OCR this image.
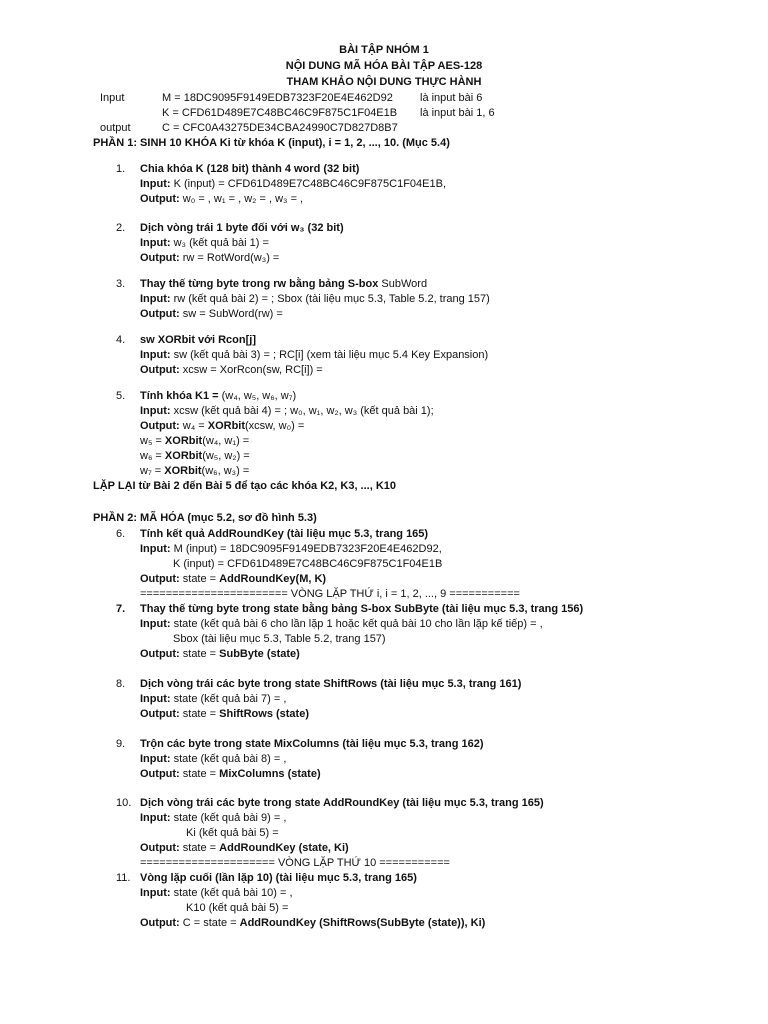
BÀI TẬP NHÓM 1
NỘI DUNG MÃ HÓA BÀI TẬP AES-128
THAM KHẢO NỘI DUNG THỰC HÀNH
Input	M = 18DC9095F9149EDB7323F20E4E462D92 là input bài 6
K = CFD61D489E7C48BC46C9F875C1F04E1B là input bài 1, 6
output	C = CFC0A43275DE34CBA24990C7D827D8B7
PHẦN 1: SINH 10 KHÓA Ki từ khóa K (input), i = 1, 2, ..., 10. (Mục 5.4)
1. Chia khóa K (128 bit) thành 4 word (32 bit)
Input: K (input) = CFD61D489E7C48BC46C9F875C1F04E1B,
Output: w₀ = , w₁ = , w₂ = , w₃ = ,
2. Dịch vòng trái 1 byte đối với w₃ (32 bit)
Input: w₃ (kết quả bài 1) =
Output: rw = RotWord(w₃) =
3. Thay thế từng byte trong rw bằng bảng S-box SubWord
Input: rw (kết quả bài 2) = ; Sbox (tài liệu mục 5.3, Table 5.2, trang 157)
Output: sw = SubWord(rw) =
4. sw XORbit với Rcon[j]
Input: sw (kết quả bài 3) = ; RC[i] (xem tài liệu mục 5.4 Key Expansion)
Output: xcsw = XorRcon(sw, RC[i]) =
5. Tính khóa K1 = (w₄, w₅, w₆, w₇)
Input: xcsw (kết quả bài 4) = ; w₀, w₁, w₂, w₃ (kết quả bài 1);
Output: w₄ = XORbit(xcsw, w₀) =
w₅ = XORbit(w₄, w₁) =
w₆ = XORbit(w₅, w₂) =
w₇ = XORbit(w₆, w₃) =
LẶP LẠI từ Bài 2 đến Bài 5 để tạo các khóa K2, K3, ..., K10
PHẦN 2: MÃ HÓA (mục 5.2, sơ đồ hình 5.3)
6. Tính kết quả AddRoundKey (tài liệu mục 5.3, trang 165)
Input: M (input) = 18DC9095F9149EDB7323F20E4E462D92,
K (input) = CFD61D489E7C48BC46C9F875C1F04E1B
Output: state = AddRoundKey(M, K)
======================= VÒNG LẶP THỨ i, i = 1, 2, ..., 9 ===========
7. Thay thế từng byte trong state bằng bảng S-box SubByte (tài liệu mục 5.3, trang 156)
Input: state (kết quả bài 6 cho lần lặp 1 hoặc kết quả bài 10 cho lần lặp kế tiếp) = ,
Sbox (tài liệu mục 5.3, Table 5.2, trang 157)
Output: state = SubByte (state)
8. Dịch vòng trái các byte trong state ShiftRows (tài liệu mục 5.3, trang 161)
Input: state (kết quả bài 7) = ,
Output: state = ShiftRows (state)
9. Trộn các byte trong state MixColumns (tài liệu mục 5.3, trang 162)
Input: state (kết quả bài 8) = ,
Output: state = MixColumns (state)
10. Dịch vòng trái các byte trong state AddRoundKey (tài liệu mục 5.3, trang 165)
Input: state (kết quả bài 9) = ,
Ki (kết quả bài 5) =
Output: state = AddRoundKey (state, Ki)
===================== VÒNG LẶP THỨ 10 ===========
11. Vòng lặp cuối (lần lặp 10) (tài liệu mục 5.3, trang 165)
Input: state (kết quả bài 10) = ,
K10 (kết quả bài 5) =
Output: C = state = AddRoundKey (ShiftRows(SubByte (state)), Ki)
